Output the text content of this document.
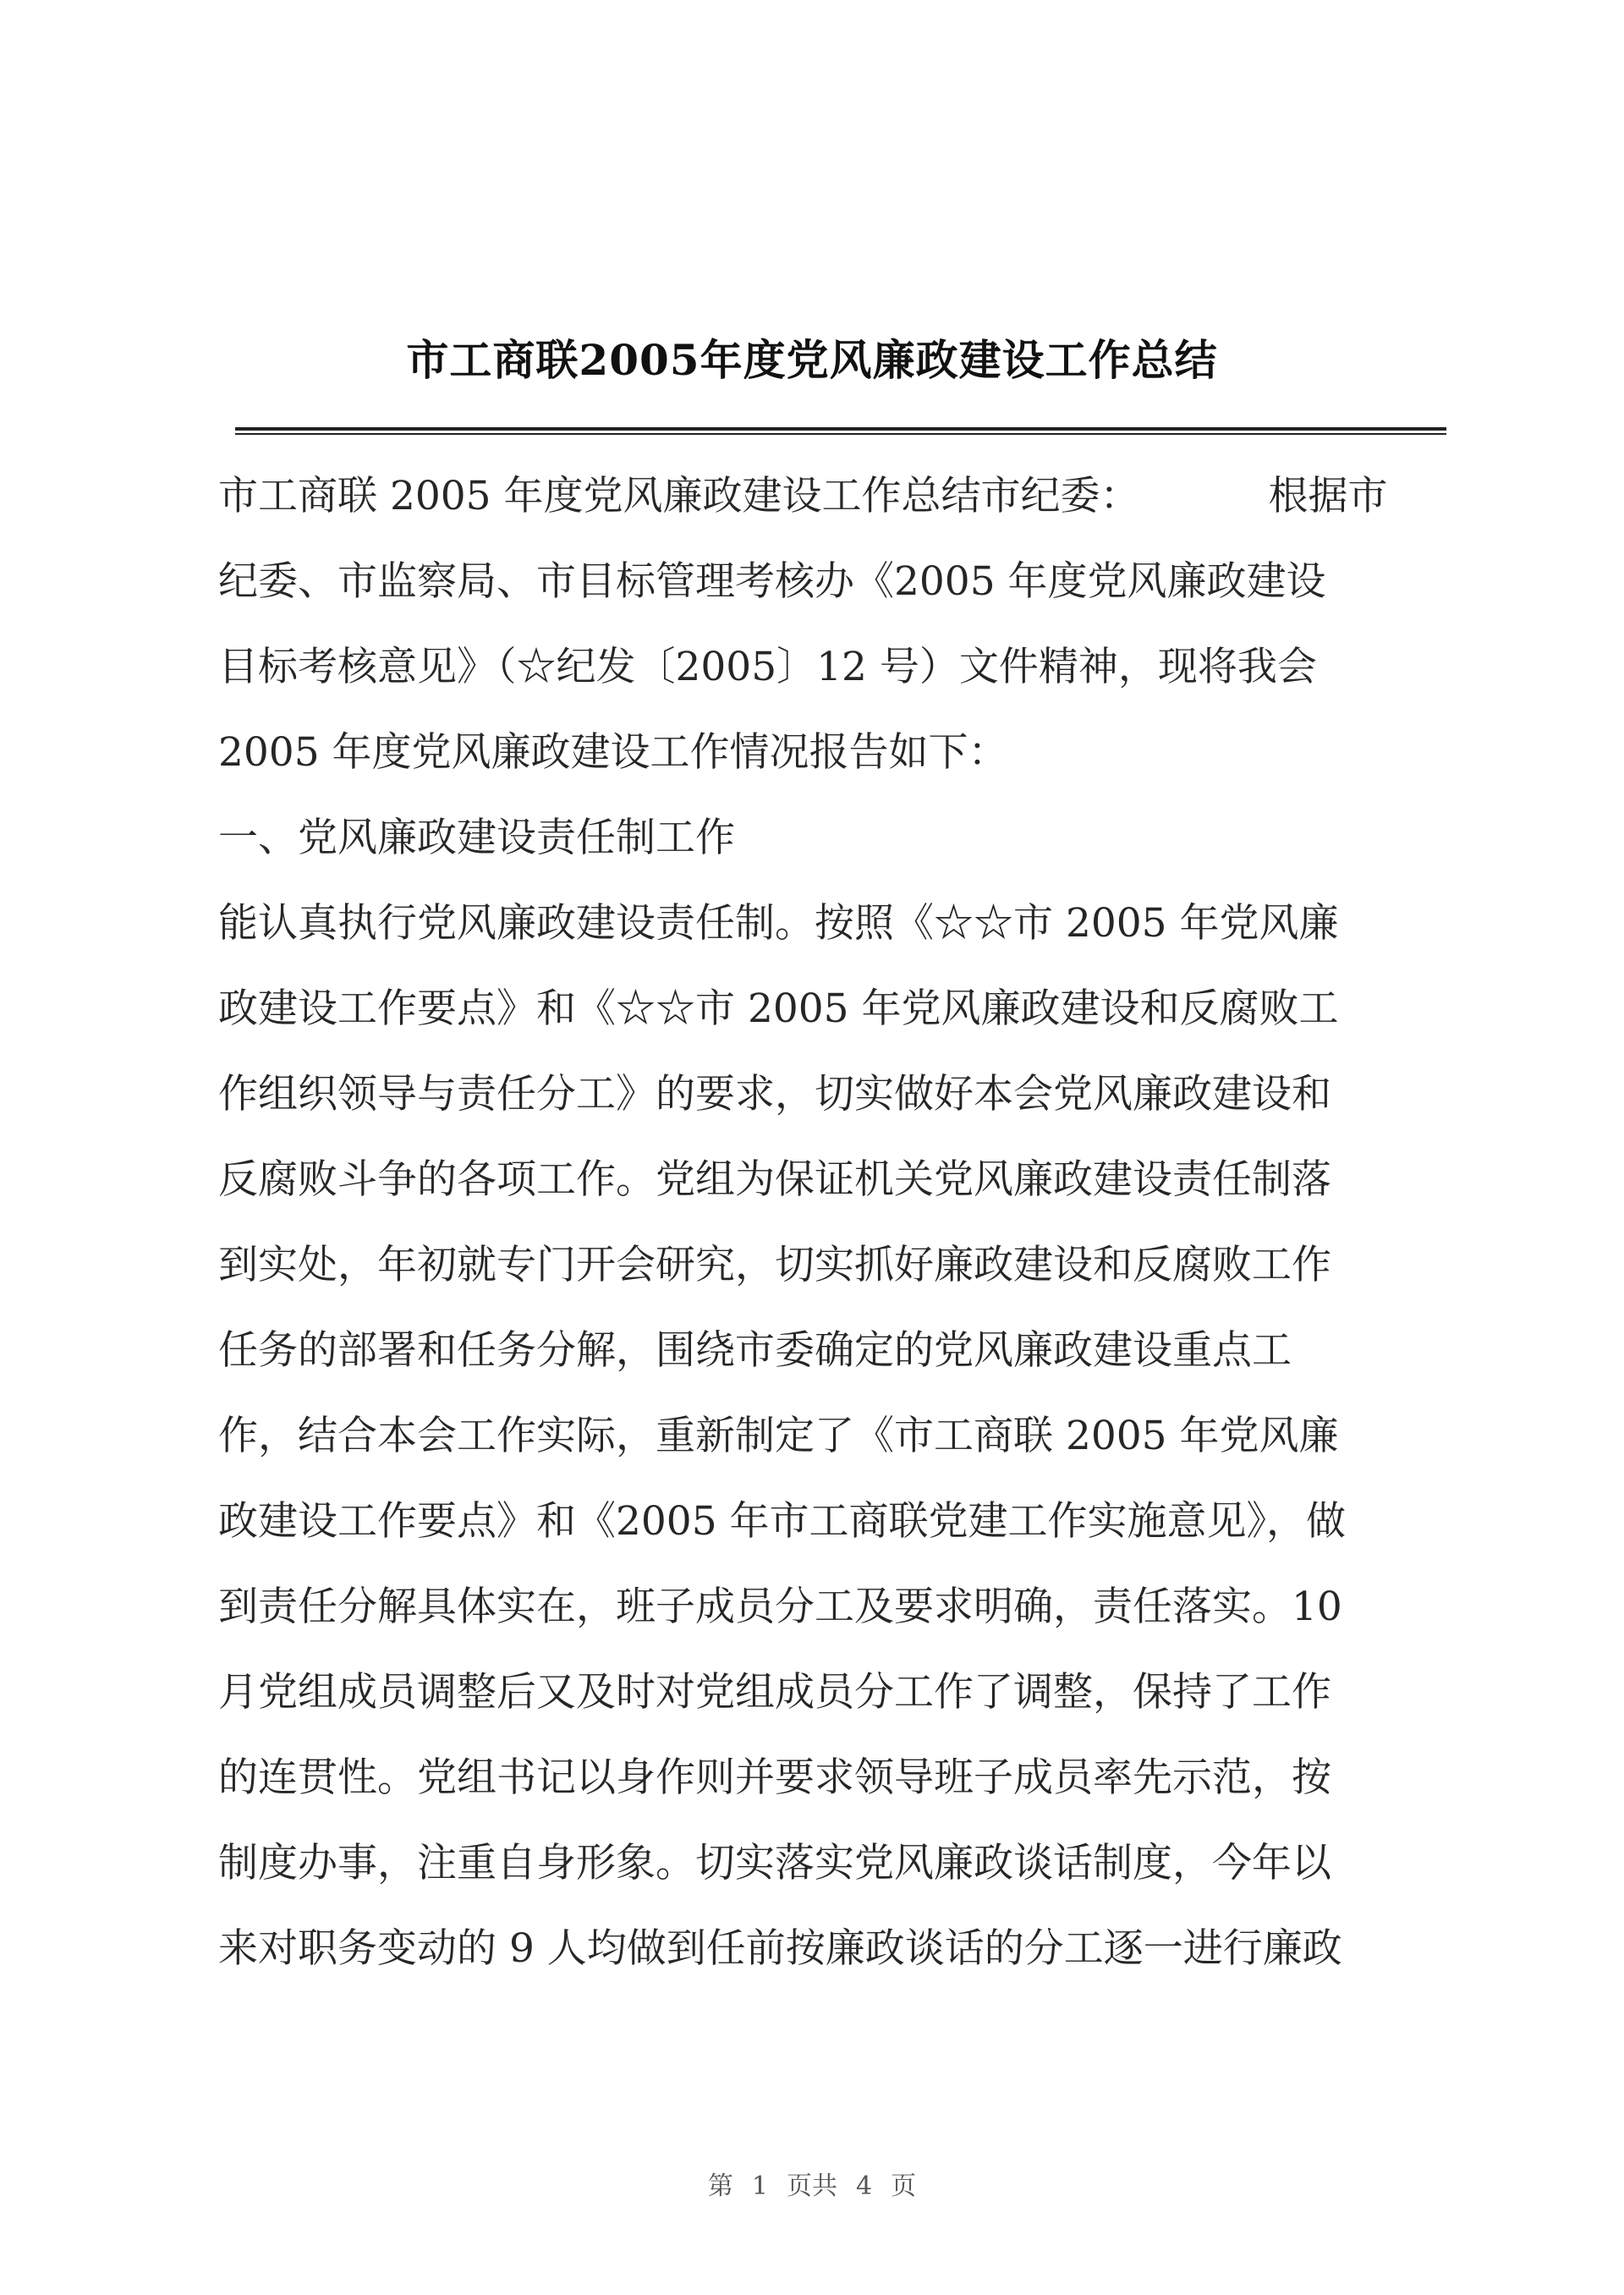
市工商联2005年度党风廉政建设工作总结
市工商联 2005 年度党风廉政建设工作总结市纪委：	根据市
纪委、市监察局、市目标管理考核办《2005 年度党风廉政建设
目标考核意见》（☆纪发〔2005〕12 号）文件精神，现将我会
2005 年度党风廉政建设工作情况报告如下：
一、党风廉政建设责任制工作
能认真执行党风廉政建设责任制。按照《☆☆市 2005 年党风廉
政建设工作要点》和《☆☆市 2005 年党风廉政建设和反腐败工
作组织领导与责任分工》的要求，切实做好本会党风廉政建设和
反腐败斗争的各项工作。党组为保证机关党风廉政建设责任制落
到实处，年初就专门开会研究，切实抓好廉政建设和反腐败工作
任务的部署和任务分解，围绕市委确定的党风廉政建设重点工
作，结合本会工作实际，重新制定了《市工商联 2005 年党风廉
政建设工作要点》和《2005 年市工商联党建工作实施意见》，做
到责任分解具体实在，班子成员分工及要求明确，责任落实。10
月党组成员调整后又及时对党组成员分工作了调整，保持了工作
的连贯性。党组书记以身作则并要求领导班子成员率先示范，按
制度办事，注重自身形象。切实落实党风廉政谈话制度，今年以
来对职务变动的 9 人均做到任前按廉政谈话的分工逐一进行廉政
第 1 页共 4 页
